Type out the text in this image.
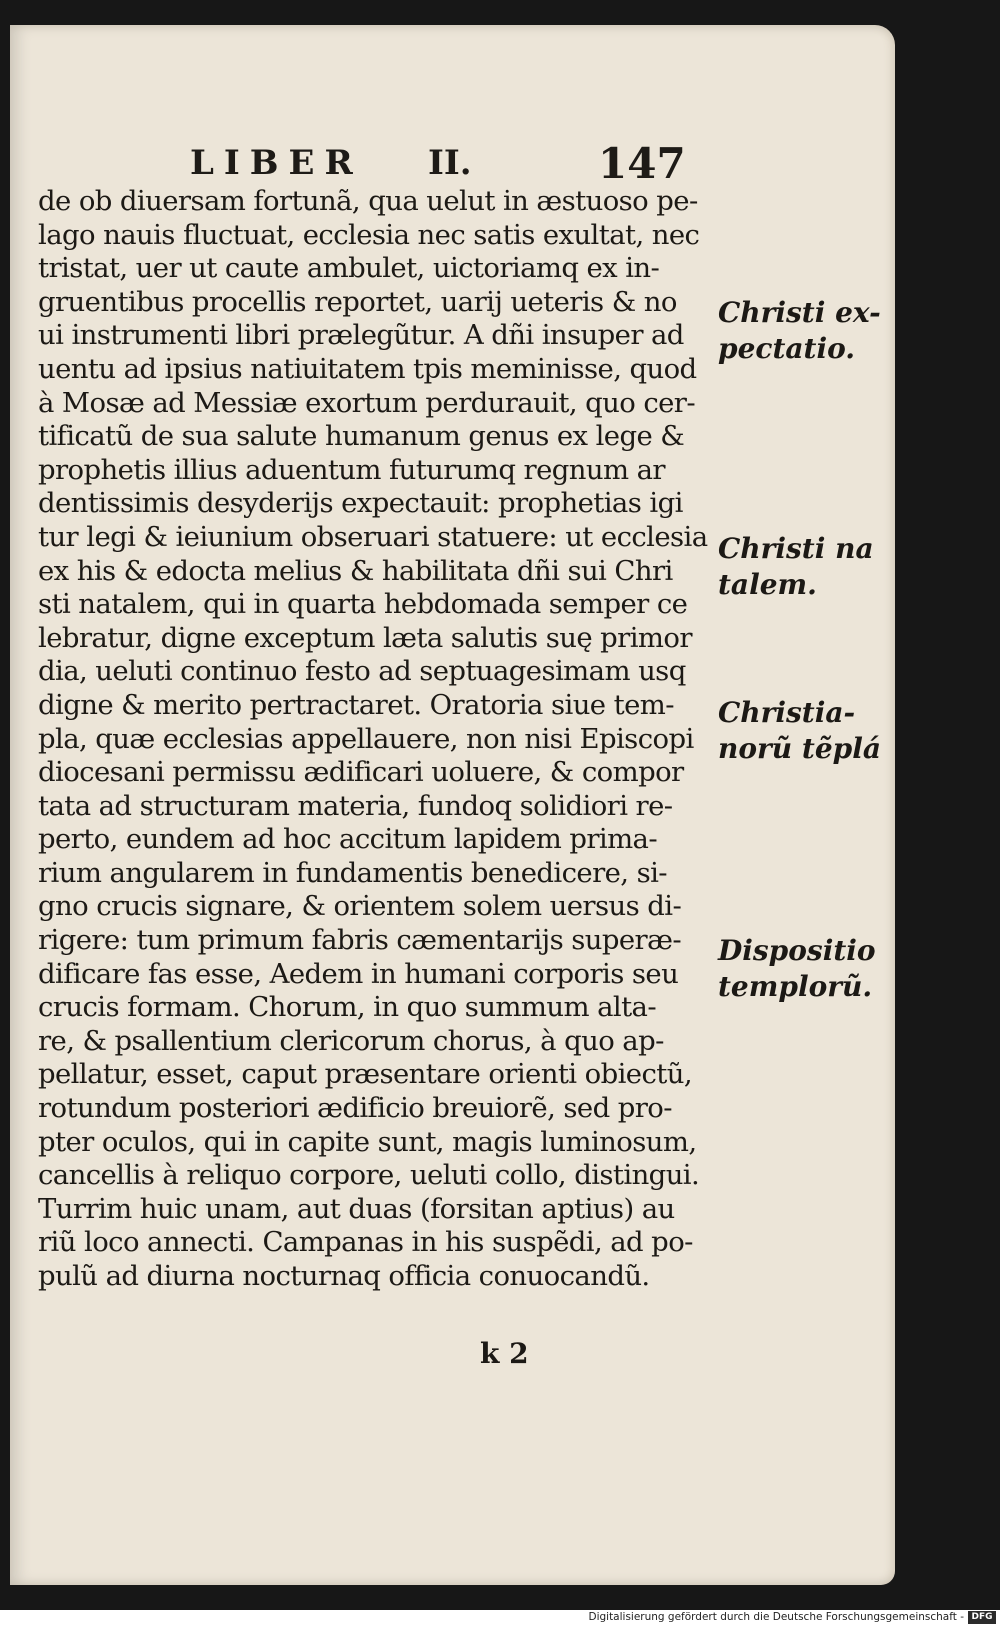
LIBER II.	147
de ob diuersam fortunã, qua uelut in æstuoso pe-
lago nauis fluctuat, ecclesia nec satis exultat, nec
tristat, uer ut caute ambulet, uictoriamq ex in-
gruentibus procellis reportet, uarij ueteris & no
ui instrumenti libri prælegũtur. A dñi insuper ad
uentu ad ipsius natiuitatem tpis meminisse, quod
à Mosæ ad Messiæ exortum perdurauit, quo cer-
tificatũ de sua salute humanum genus ex lege &
prophetis illius aduentum futurumq regnum ar
dentissimis desyderijs expectauit: prophetias igi
tur legi & ieiunium obseruari statuere: ut ecclesia
ex his & edocta melius & habilitata dñi sui Chri
sti natalem, qui in quarta hebdomada semper ce
lebratur, digne exceptum læta salutis suę primor
dia, ueluti continuo festo ad septuagesimam usq
digne & merito pertractaret. Oratoria siue tem-
pla, quæ ecclesias appellauere, non nisi Episcopi
diocesani permissu ædificari uoluere, & compor
tata ad structuram materia, fundoq solidiori re-
perto, eundem ad hoc accitum lapidem prima-
rium angularem in fundamentis benedicere, si-
gno crucis signare, & orientem solem uersus di-
rigere: tum primum fabris cæmentarijs superæ-
dificare fas esse, Aedem in humani corporis seu
crucis formam. Chorum, in quo summum alta-
re, & psallentium clericorum chorus, à quo ap-
pellatur, esset, caput præsentare orienti obiectũ,
rotundum posteriori ædificio breuiorẽ, sed pro-
pter oculos, qui in capite sunt, magis luminosum,
cancellis à reliquo corpore, ueluti collo, distingui.
Turrim huic unam, aut duas (forsitan aptius) au
riũ loco annecti. Campanas in his suspẽdi, ad po-
pulũ ad diurna nocturnaq officia conuocandũ.
Christi ex-
pectatio.
Christi na
talem.
Christia-
norũ tẽplá
Dispositio
templorũ.
k 2
Digitalisierung gefördert durch die Deutsche Forschungsgemeinschaft - DFG
